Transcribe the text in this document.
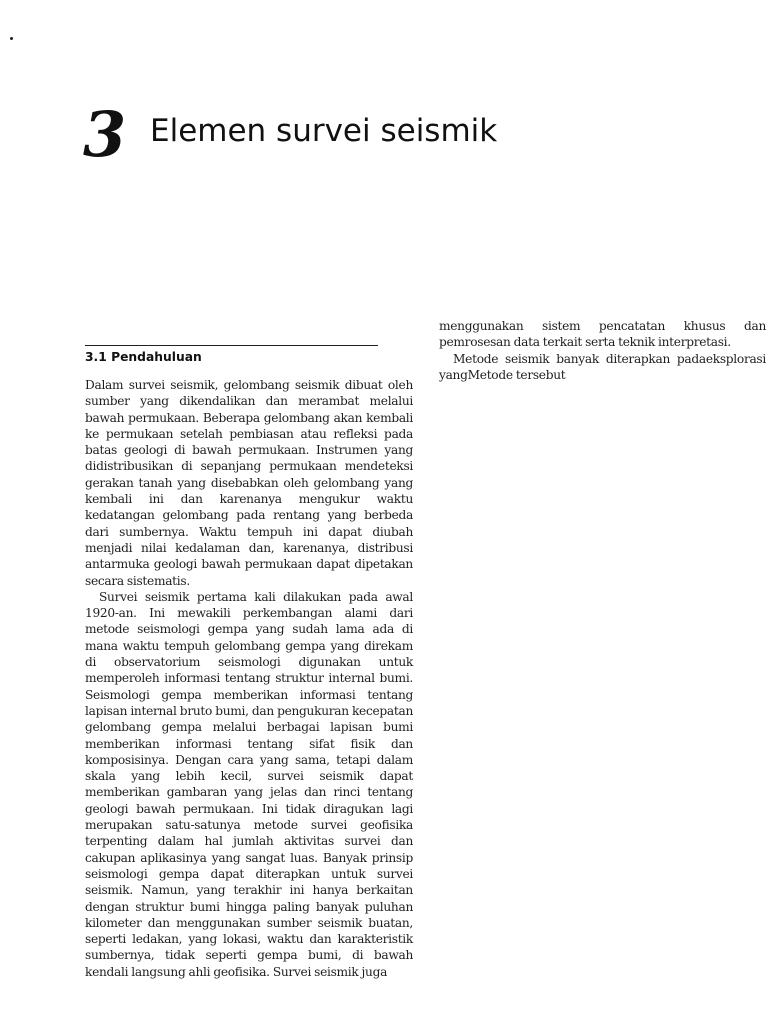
3 Elemen survei seismik
3.1 Pendahuluan

Dalam survei seismik, gelombang seismik dibuat oleh sumber yang dikendalikan dan merambat melalui bawah permukaan. Beberapa gelombang akan kembali ke permukaan setelah pembiasan atau refleksi pada batas geologi di bawah permukaan. Instrumen yang didistribusikan di sepanjang permukaan mendeteksi gerakan tanah yang disebabkan oleh gelombang yang kembali ini dan karenanya mengukur waktu kedatangan gelombang pada rentang yang berbeda dari sumbernya. Waktu tempuh ini dapat diubah menjadi nilai kedalaman dan, karenanya, distribusi antarmuka geologi bawah permukaan dapat dipetakan secara sistematis.

Survei seismik pertama kali dilakukan pada awal 1920-an. Ini mewakili perkembangan alami dari metode seismologi gempa yang sudah lama ada di mana waktu tempuh gelombang gempa yang direkam di observatorium seismologi digunakan untuk memperoleh informasi tentang struktur internal bumi. Seismologi gempa memberikan informasi tentang lapisan internal bruto bumi, dan pengukuran kecepatan gelombang gempa melalui berbagai lapisan bumi memberikan informasi tentang sifat fisik dan komposisinya. Dengan cara yang sama, tetapi dalam skala yang lebih kecil, survei seismik dapat memberikan gambaran yang jelas dan rinci tentang geologi bawah permukaan. Ini tidak diragukan lagi merupakan satu-satunya metode survei geofisika terpenting dalam hal jumlah aktivitas survei dan cakupan aplikasinya yang sangat luas. Banyak prinsip seismologi gempa dapat diterapkan untuk survei seismik. Namun, yang terakhir ini hanya berkaitan dengan struktur bumi hingga paling banyak puluhan kilometer dan menggunakan sumber seismik buatan, seperti ledakan, yang lokasi, waktu dan karakteristik sumbernya, tidak seperti gempa bumi, di bawah kendali langsung ahli geofisika. Survei seismik juga

menggunakan sistem pencatatan khusus dan pemrosesan data terkait serta teknik interpretasi.

Metode seismik banyak diterapkan padaeksplorasi yangMetode tersebut
